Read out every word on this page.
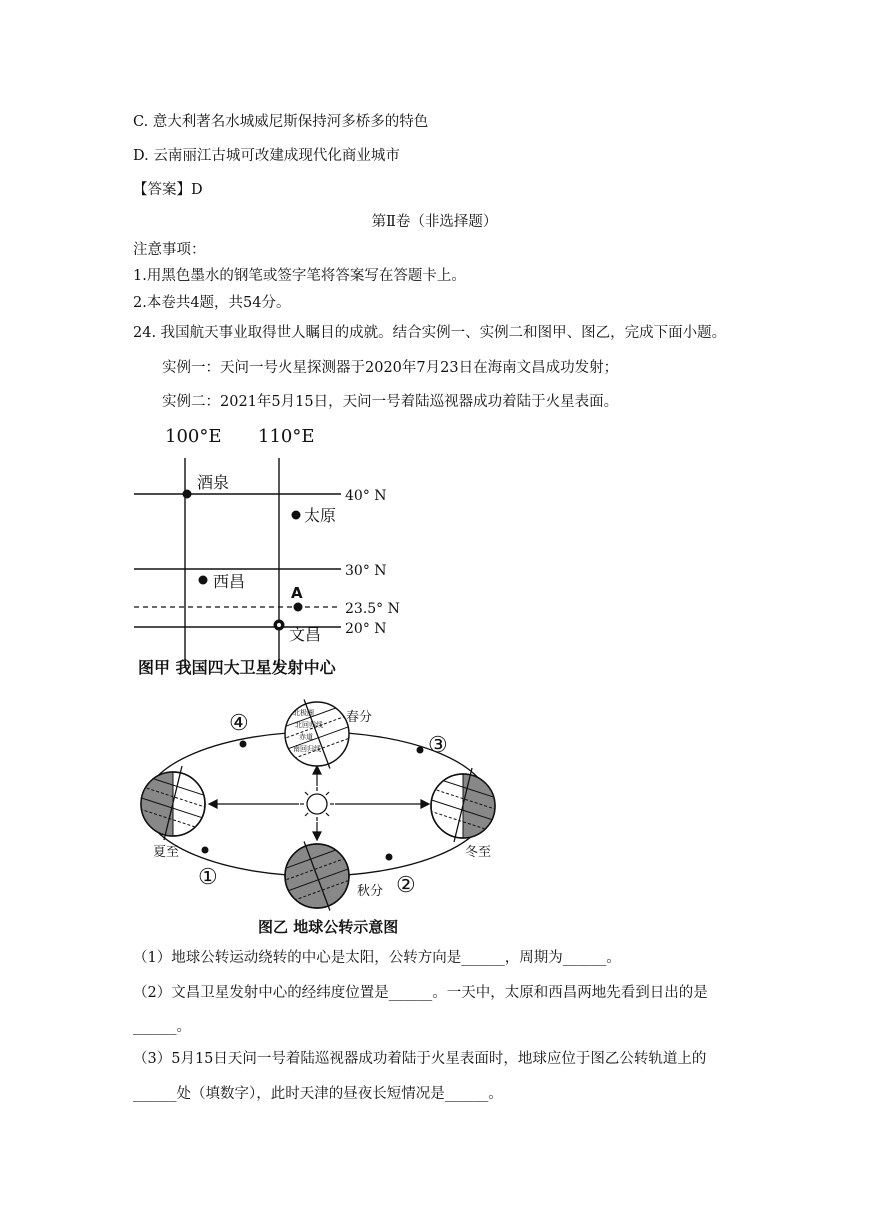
C. 意大利著名水城威尼斯保持河多桥多的特色
D. 云南丽江古城可改建成现代化商业城市
【答案】D
第Ⅱ卷（非选择题）
注意事项：
1.用黑色墨水的钢笔或签字笔将答案写在答题卡上。
2.本卷共4题，共54分。
24. 我国航天事业取得世人瞩目的成就。结合实例一、实例二和图甲、图乙，完成下面小题。
实例一：天问一号火星探测器于2020年7月23日在海南文昌成功发射；
实例二：2021年5月15日，天问一号着陆巡视器成功着陆于火星表面。
100°E 110°E
40° N
30° N
23.5° N
20° N
酒泉
太原
西昌
A
文昌
图甲 我国四大卫星发射中心
北极圈
北回归线
赤道
南回归线
春分
夏至	冬至
秋分
④
③
①	②
图乙 地球公转示意图
（1）地球公转运动绕转的中心是太阳，公转方向是______，周期为______。
（2）文昌卫星发射中心的经纬度位置是______。一天中，太原和西昌两地先看到日出的是
______。
（3）5月15日天问一号着陆巡视器成功着陆于火星表面时，地球应位于图乙公转轨道上的
______处（填数字），此时天津的昼夜长短情况是______。
